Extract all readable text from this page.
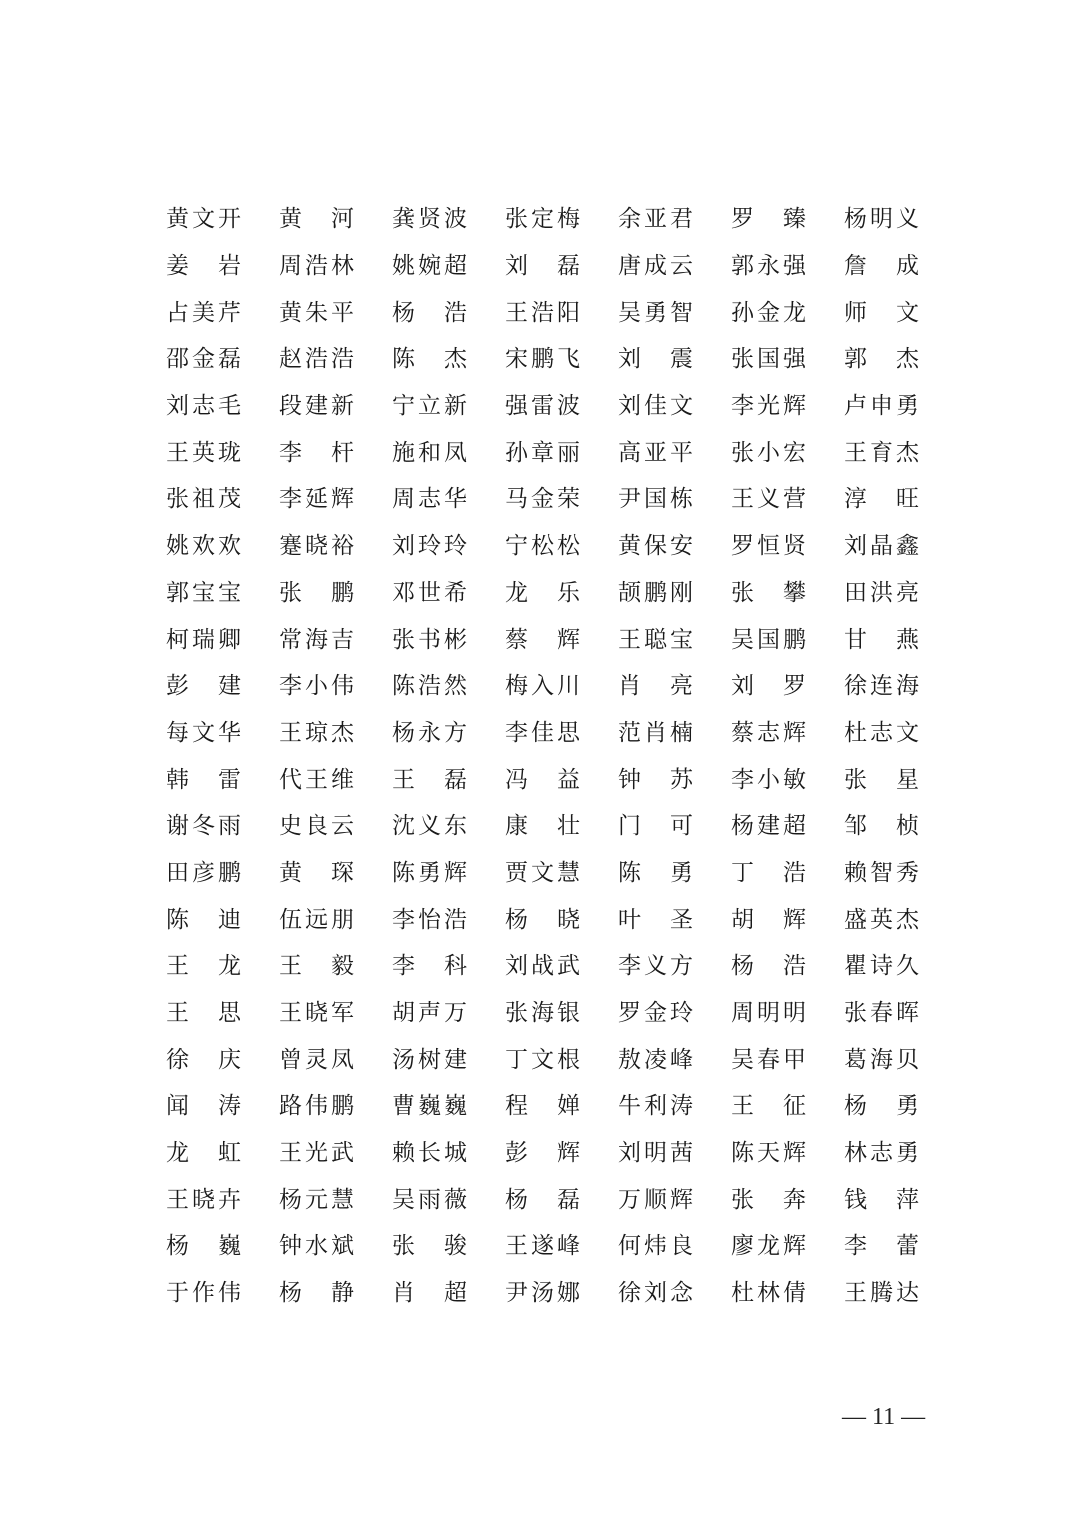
黄 文 开 黄 河 龚 贤 波 张 定 梅 余 亚 君 罗 臻 杨 明 义
姜 岩 周 浩 林 姚 婉 超 刘 磊 唐 成 云 郭 永 强 詹 成
占 美 芹 黄 朱 平 杨 浩 王 浩 阳 吴 勇 智 孙 金 龙 师 文
邵 金 磊 赵 浩 浩 陈 杰 宋 鹏 飞 刘 震 张 国 强 郭 杰
刘 志 毛 段 建 新 宁 立 新 强 雷 波 刘 佳 文 李 光 辉 卢 申 勇
王 英 珑 李 杆 施 和 凤 孙 章 丽 高 亚 平 张 小 宏 王 育 杰
张 祖 茂 李 延 辉 周 志 华 马 金 荣 尹 国 栋 王 义 营 淳 旺
姚 欢 欢 蹇 晓 裕 刘 玲 玲 宁 松 松 黄 保 安 罗 恒 贤 刘 晶 鑫
郭 宝 宝 张 鹏 邓 世 希 龙 乐 颉 鹏 刚 张 攀 田 洪 亮
柯 瑞 卿 常 海 吉 张 书 彬 蔡 辉 王 聪 宝 吴 国 鹏 甘 燕
彭 建 李 小 伟 陈 浩 然 梅 入 川 肖 亮 刘 罗 徐 连 海
每 文 华 王 琼 杰 杨 永 方 李 佳 思 范 肖 楠 蔡 志 辉 杜 志 文
韩 雷 代 王 维 王 磊 冯 益 钟 苏 李 小 敏 张 星
谢 冬 雨 史 良 云 沈 义 东 康 壮 门 可 杨 建 超 邹 桢
田 彦 鹏 黄 琛 陈 勇 辉 贾 文 慧 陈 勇 丁 浩 赖 智 秀
陈 迪 伍 远 朋 李 怡 浩 杨 晓 叶 圣 胡 辉 盛 英 杰
王 龙 王 毅 李 科 刘 战 武 李 义 方 杨 浩 瞿 诗 久
王 思 王 晓 军 胡 声 万 张 海 银 罗 金 玲 周 明 明 张 春 晖
徐 庆 曾 灵 凤 汤 树 建 丁 文 根 敖 凌 峰 吴 春 甲 葛 海 贝
闻 涛 路 伟 鹏 曹 巍 巍 程 婵 牛 利 涛 王 征 杨 勇
龙 虹 王 光 武 赖 长 城 彭 辉 刘 明 茜 陈 天 辉 林 志 勇
王 晓 卉 杨 元 慧 吴 雨 薇 杨 磊 万 顺 辉 张 奔 钱 萍
杨 巍 钟 水 斌 张 骏 王 遂 峰 何 炜 良 廖 龙 辉 李 蕾
于 作 伟 杨 静 肖 超 尹 汤 娜 徐 刘 念 杜 林 倩 王 腾 达
— 11 —
